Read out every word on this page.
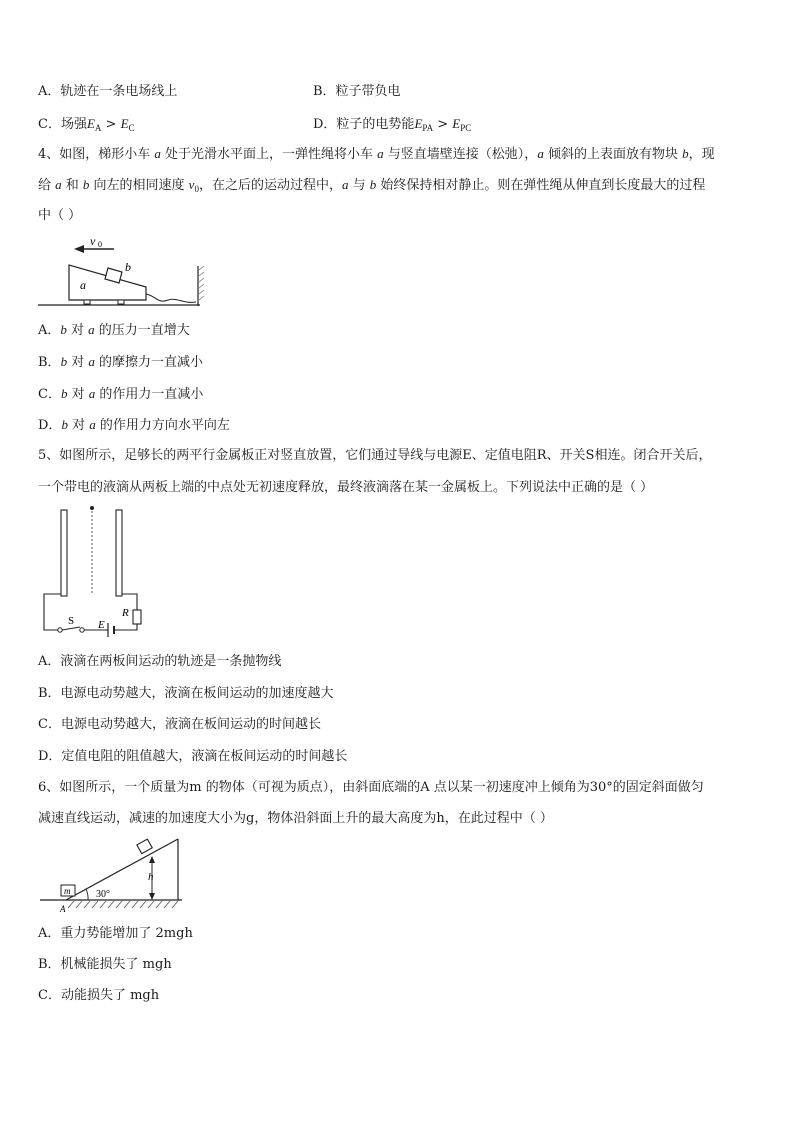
A．轨迹在一条电场线上	B．粒子带负电
C．场强$E_A > E_C$	D．粒子的电势能$E_{PA} > E_{PC}$
4、如图，梯形小车 a 处于光滑水平面上，一弹性绳将小车 a 与竖直墙壁连接（松弛），a 倾斜的上表面放有物块 b，现
给 a 和 b 向左的相同速度 $v_0$，在之后的运动过程中，a 与 b 始终保持相对静止。则在弹性绳从伸直到长度最大的过程
中（ ）
v 0
b
a
A．b 对 a 的压力一直增大
B．b 对 a 的摩擦力一直减小
C．b 对 a 的作用力一直减小
D．b 对 a 的作用力方向水平向左
5、如图所示，足够长的两平行金属板正对竖直放置，它们通过导线与电源E、定值电阻R、开关S相连。闭合开关后，
一个带电的液滴从两板上端的中点处无初速度释放，最终液滴落在某一金属板上。下列说法中正确的是（ ）
S E
R
A．液滴在两板间运动的轨迹是一条抛物线
B．电源电动势越大，液滴在板间运动的加速度越大
C．电源电动势越大，液滴在板间运动的时间越长
D．定值电阻的阻值越大，液滴在板间运动的时间越长
6、如图所示，一个质量为m 的物体（可视为质点），由斜面底端的A 点以某一初速度冲上倾角为30°的固定斜面做匀
减速直线运动，减速的加速度大小为g，物体沿斜面上升的最大高度为h，在此过程中（ ）
30°
m
h
A
A．重力势能增加了 2mgh
B．机械能损失了 mgh
C．动能损失了 mgh
